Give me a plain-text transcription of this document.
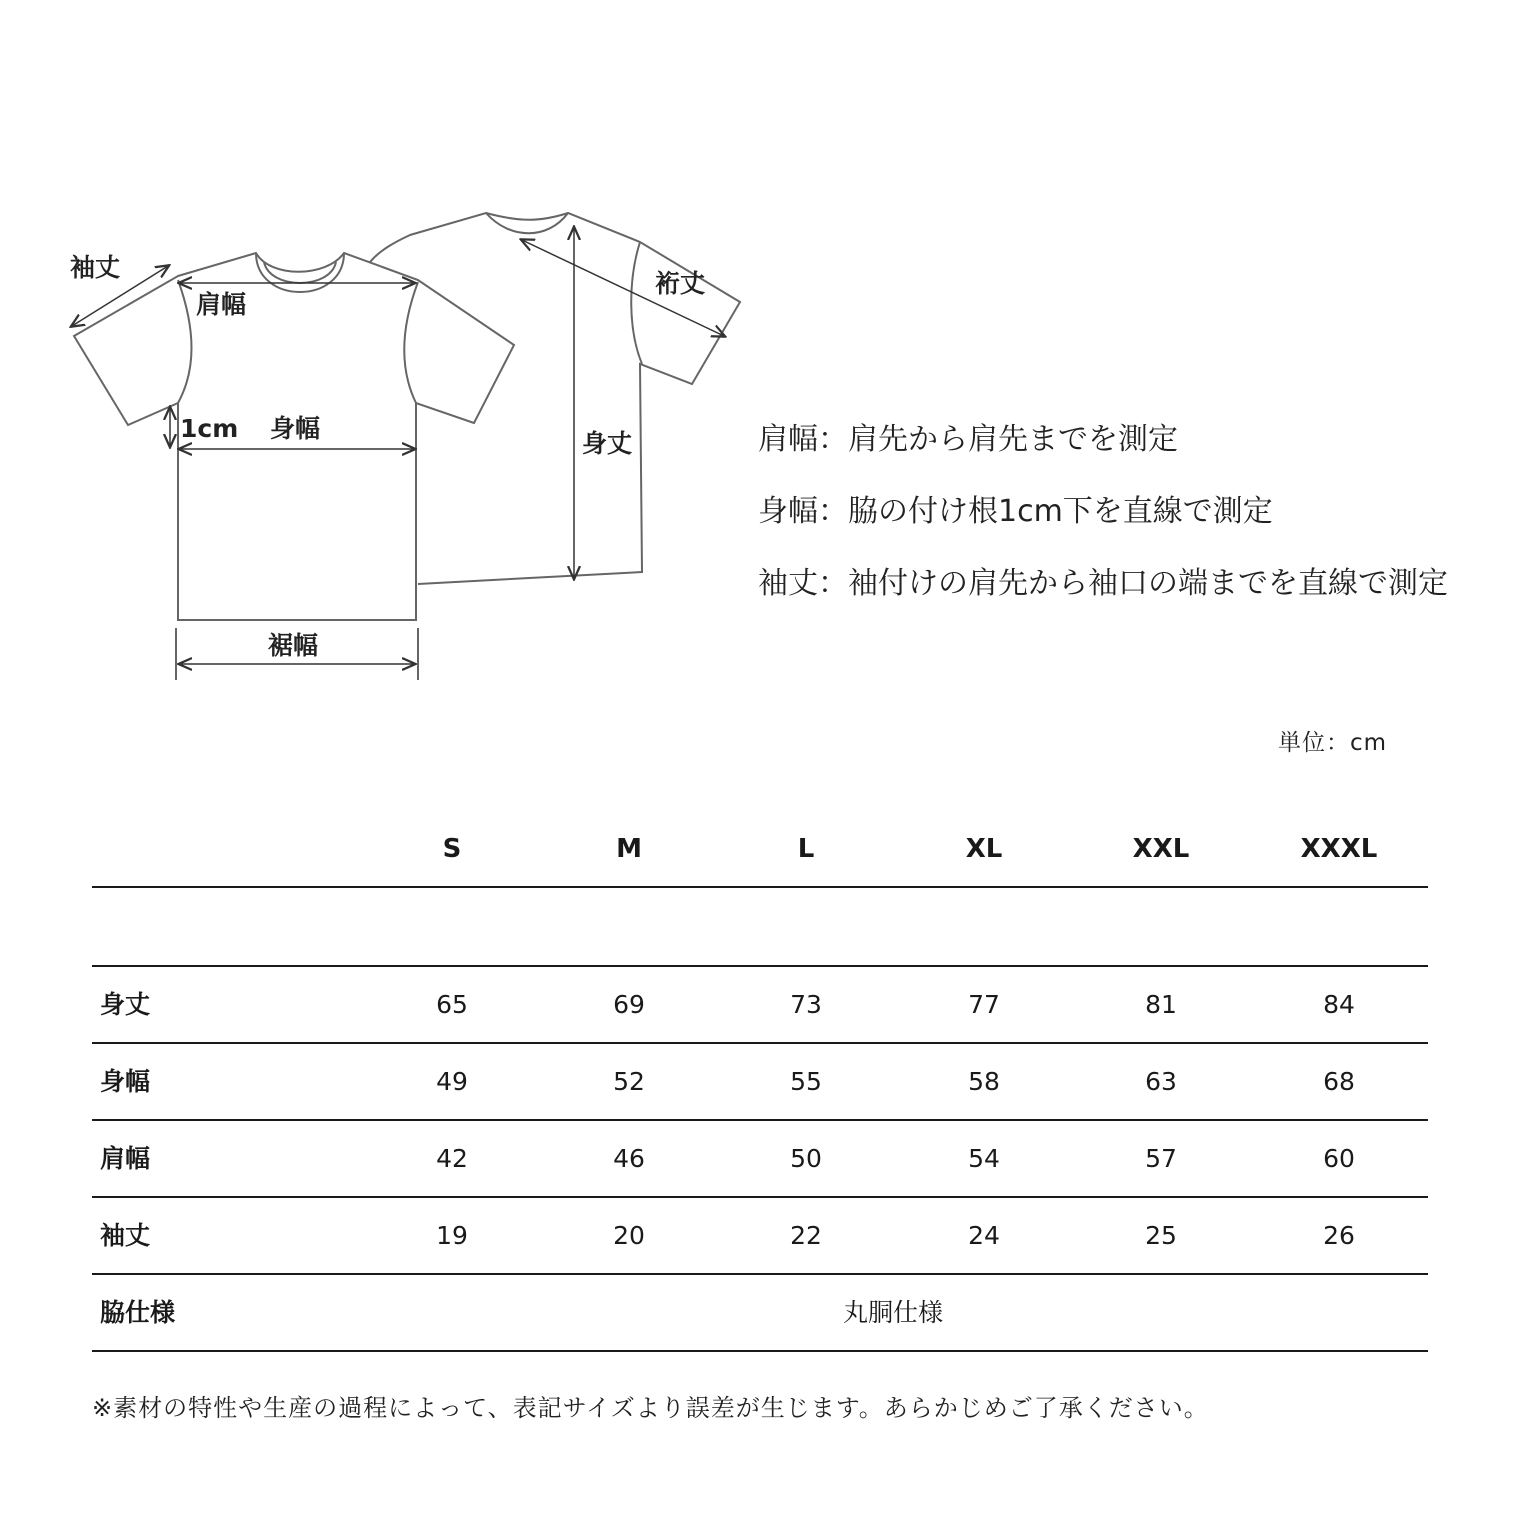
袖丈
肩幅
1cm 身幅
裾幅
裄丈
身丈	肩幅：肩先から肩先までを測定
身幅：脇の付け根1cm下を直線で測定
袖丈：袖付けの肩先から袖口の端までを直線で測定
単位：cm
S	M	L	XL	XXL	XXXL
身丈	65	69	73	77	81	84
身幅	49	52	55	58	63	68
肩幅	42	46	50	54	57	60
袖丈	19	20	22	24	25	26
脇仕様	丸胴仕様
※素材の特性や生産の過程によって、表記サイズより誤差が生じます。あらかじめご了承ください。
